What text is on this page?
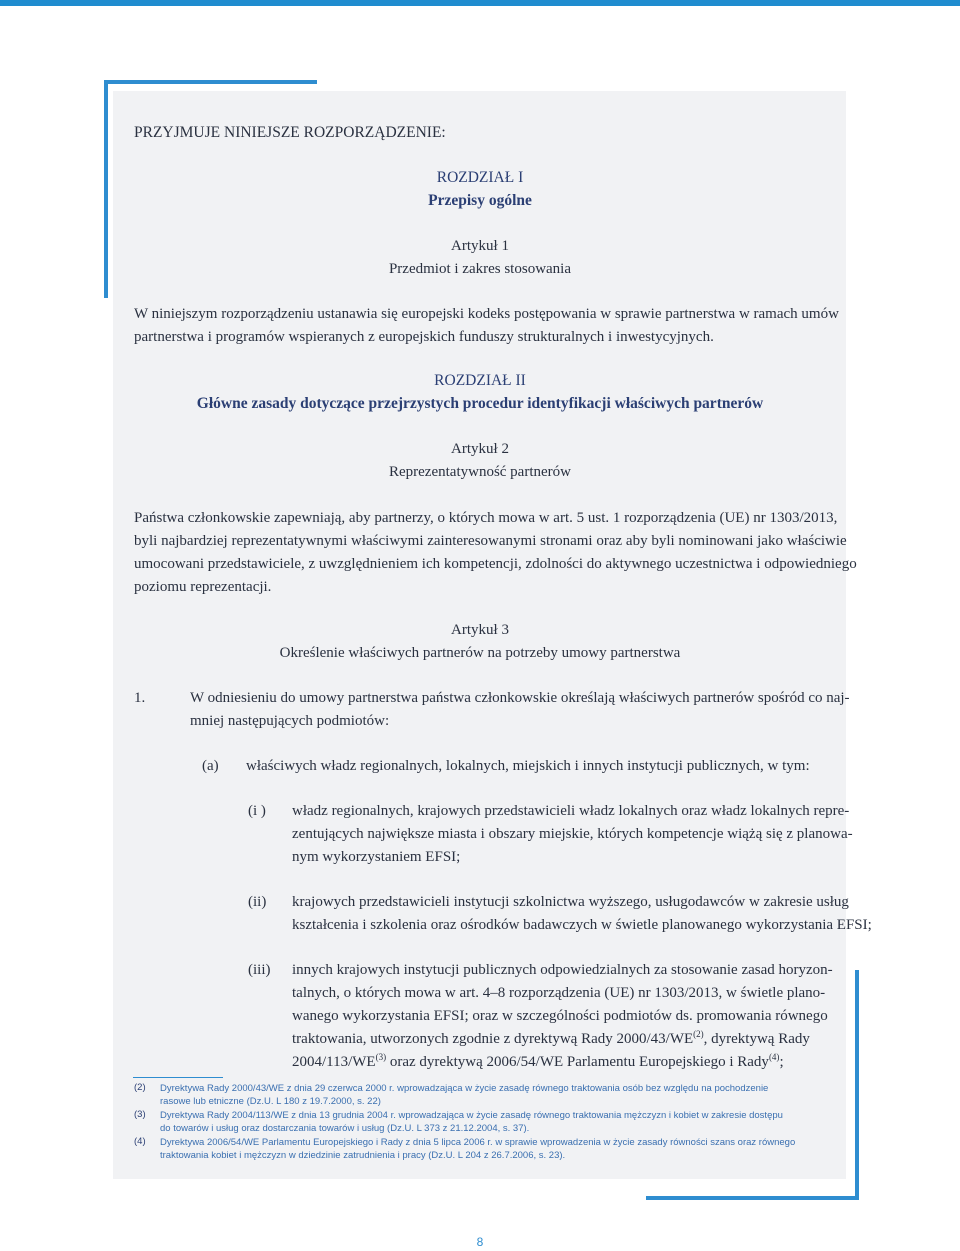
PRZYJMUJE NINIEJSZE ROZPORZĄDZENIE:
ROZDZIAŁ I
Przepisy ogólne
Artykuł 1
Przedmiot i zakres stosowania
W niniejszym rozporządzeniu ustanawia się europejski kodeks postępowania w sprawie partnerstwa w ramach umów
partnerstwa i programów wspieranych z europejskich funduszy strukturalnych i inwestycyjnych.
ROZDZIAŁ II
Główne zasady dotyczące przejrzystych procedur identyfikacji właściwych partnerów
Artykuł 2
Reprezentatywność partnerów
Państwa członkowskie zapewniają, aby partnerzy, o których mowa w art. 5 ust. 1 rozporządzenia (UE) nr 1303/2013,
byli najbardziej reprezentatywnymi właściwymi zainteresowanymi stronami oraz aby byli nominowani jako właściwie
umocowani przedstawiciele, z uwzględnieniem ich kompetencji, zdolności do aktywnego uczestnictwa i odpowiedniego
poziomu reprezentacji.
Artykuł 3
Określenie właściwych partnerów na potrzeby umowy partnerstwa
1.	W odniesieniu do umowy partnerstwa państwa członkowskie określają właściwych partnerów spośród co naj-
mniej następujących podmiotów:
(a) właściwych władz regionalnych, lokalnych, miejskich i innych instytucji publicznych, w tym:
(i ) władz regionalnych, krajowych przedstawicieli władz lokalnych oraz władz lokalnych repre-
zentujących największe miasta i obszary miejskie, których kompetencje wiążą się z planowa-
nym wykorzystaniem EFSI;
(ii) krajowych przedstawicieli instytucji szkolnictwa wyższego, usługodawców w zakresie usług
kształcenia i szkolenia oraz ośrodków badawczych w świetle planowanego wykorzystania EFSI;
(iii) innych krajowych instytucji publicznych odpowiedzialnych za stosowanie zasad horyzon-
talnych, o których mowa w art. 4–8 rozporządzenia (UE) nr 1303/2013, w świetle plano-
wanego wykorzystania EFSI; oraz w szczególności podmiotów ds. promowania równego
traktowania, utworzonych zgodnie z dyrektywą Rady 2000/43/WE$^{(2)}$, dyrektywą Rady
2004/113/WE$^{(3)}$ oraz dyrektywą 2006/54/WE Parlamentu Europejskiego i Rady$^{(4)}$;
(2) Dyrektywa Rady 2000/43/WE z dnia 29 czerwca 2000 r. wprowadzająca w życie zasadę równego traktowania osób bez względu na pochodzenie
rasowe lub etniczne (Dz.U. L 180 z 19.7.2000, s. 22)
(3) Dyrektywa Rady 2004/113/WE z dnia 13 grudnia 2004 r. wprowadzająca w życie zasadę równego traktowania mężczyzn i kobiet w zakresie dostępu
do towarów i usług oraz dostarczania towarów i usług (Dz.U. L 373 z 21.12.2004, s. 37).
(4) Dyrektywa 2006/54/WE Parlamentu Europejskiego i Rady z dnia 5 lipca 2006 r. w sprawie wprowadzenia w życie zasady równości szans oraz równego
traktowania kobiet i mężczyzn w dziedzinie zatrudnienia i pracy (Dz.U. L 204 z 26.7.2006, s. 23).
8
